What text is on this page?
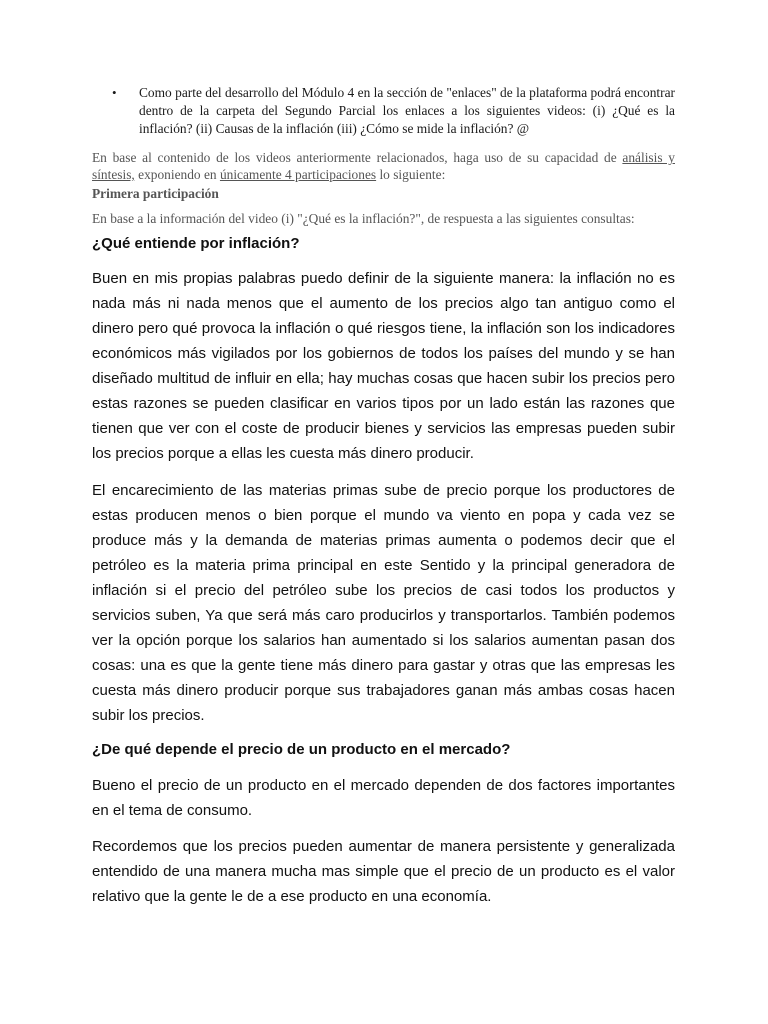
•	Como parte del desarrollo del Módulo 4 en la sección de "enlaces" de la plataforma podrá encontrar dentro de la carpeta del Segundo Parcial los enlaces a los siguientes videos: (i) ¿Qué es la inflación? (ii) Causas de la inflación (iii) ¿Cómo se mide la inflación? @
En base al contenido de los videos anteriormente relacionados, haga uso de su capacidad de análisis y síntesis, exponiendo en únicamente 4 participaciones lo siguiente:
Primera participación
En base a la información del video (i) "¿Qué es la inflación?", de respuesta a las siguientes consultas:
¿Qué entiende por inflación?

Buen en mis propias palabras puedo definir de la siguiente manera: la inflación no es nada más ni nada menos que el aumento de los precios algo tan antiguo como el dinero pero qué provoca la inflación o qué riesgos tiene, la inflación son los indicadores económicos más vigilados por los gobiernos de todos los países del mundo y se han diseñado multitud de influir en ella; hay muchas cosas que hacen subir los precios pero estas razones se pueden clasificar en varios tipos por un lado están las razones que tienen que ver con el coste de producir bienes y servicios las empresas pueden subir los precios porque a ellas les cuesta más dinero producir.

El encarecimiento de las materias primas sube de precio porque los productores de estas producen menos o bien porque el mundo va viento en popa y cada vez se produce más y la demanda de materias primas aumenta o podemos decir que el petróleo es la materia prima principal en este Sentido y la principal generadora de inflación si el precio del petróleo sube los precios de casi todos los productos y servicios suben, Ya que será más caro producirlos y transportarlos. También podemos ver la opción porque los salarios han aumentado si los salarios aumentan pasan dos cosas: una es que la gente tiene más dinero para gastar y otras que las empresas les cuesta más dinero producir porque sus trabajadores ganan más ambas cosas hacen subir los precios.

¿De qué depende el precio de un producto en el mercado?

Bueno el precio de un producto en el mercado dependen de dos factores importantes en el tema de consumo.

Recordemos que los precios pueden aumentar de manera persistente y generalizada entendido de una manera mucha mas simple que el precio de un producto es el valor relativo que la gente le de a ese producto en una economía.
